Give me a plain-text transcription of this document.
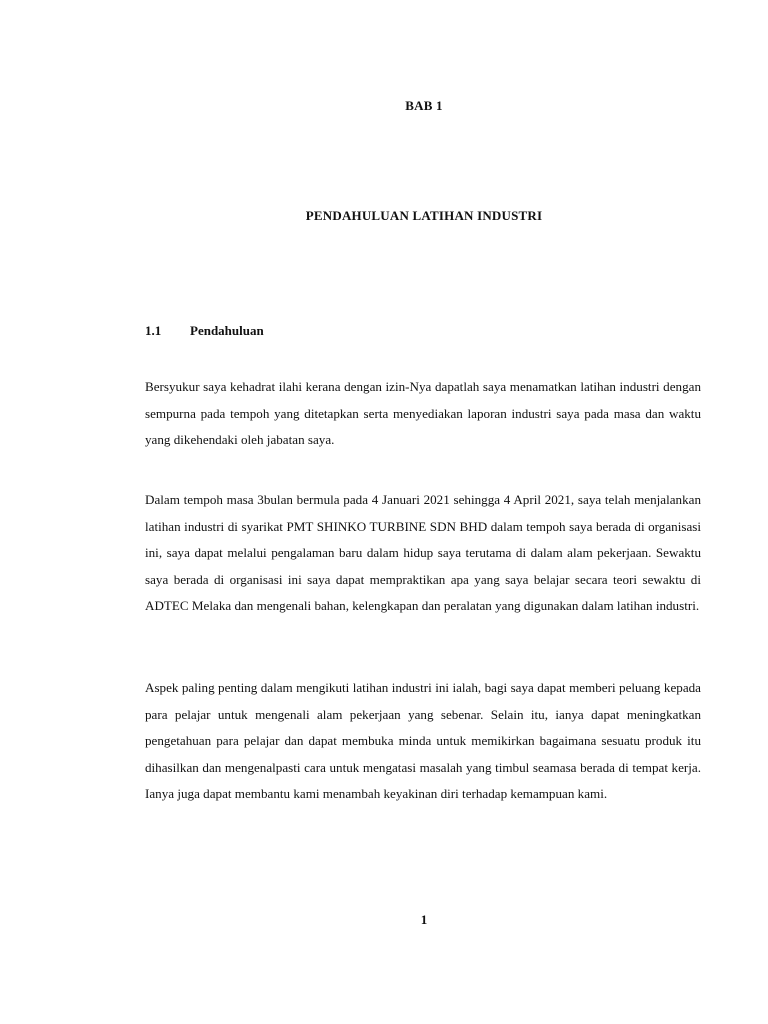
BAB 1
PENDAHULUAN LATIHAN INDUSTRI
1.1 Pendahuluan

Bersyukur saya kehadrat ilahi kerana dengan izin-Nya dapatlah saya menamatkan latihan industri dengan sempurna pada tempoh yang ditetapkan serta menyediakan laporan industri saya pada masa dan waktu yang dikehendaki oleh jabatan saya.

Dalam tempoh masa 3bulan bermula pada 4 Januari 2021 sehingga 4 April 2021, saya telah menjalankan latihan industri di syarikat PMT SHINKO TURBINE SDN BHD dalam tempoh saya berada di organisasi ini, saya dapat melalui pengalaman baru dalam hidup saya terutama di dalam alam pekerjaan. Sewaktu saya berada di organisasi ini saya dapat mempraktikan apa yang saya belajar secara teori sewaktu di ADTEC Melaka dan mengenali bahan, kelengkapan dan peralatan yang digunakan dalam latihan industri.

Aspek paling penting dalam mengikuti latihan industri ini ialah, bagi saya dapat memberi peluang kepada para pelajar untuk mengenali alam pekerjaan yang sebenar. Selain itu, ianya dapat meningkatkan pengetahuan para pelajar dan dapat membuka minda untuk memikirkan bagaimana sesuatu produk itu dihasilkan dan mengenalpasti cara untuk mengatasi masalah yang timbul seamasa berada di tempat kerja. Ianya juga dapat membantu kami menambah keyakinan diri terhadap kemampuan kami.

1
